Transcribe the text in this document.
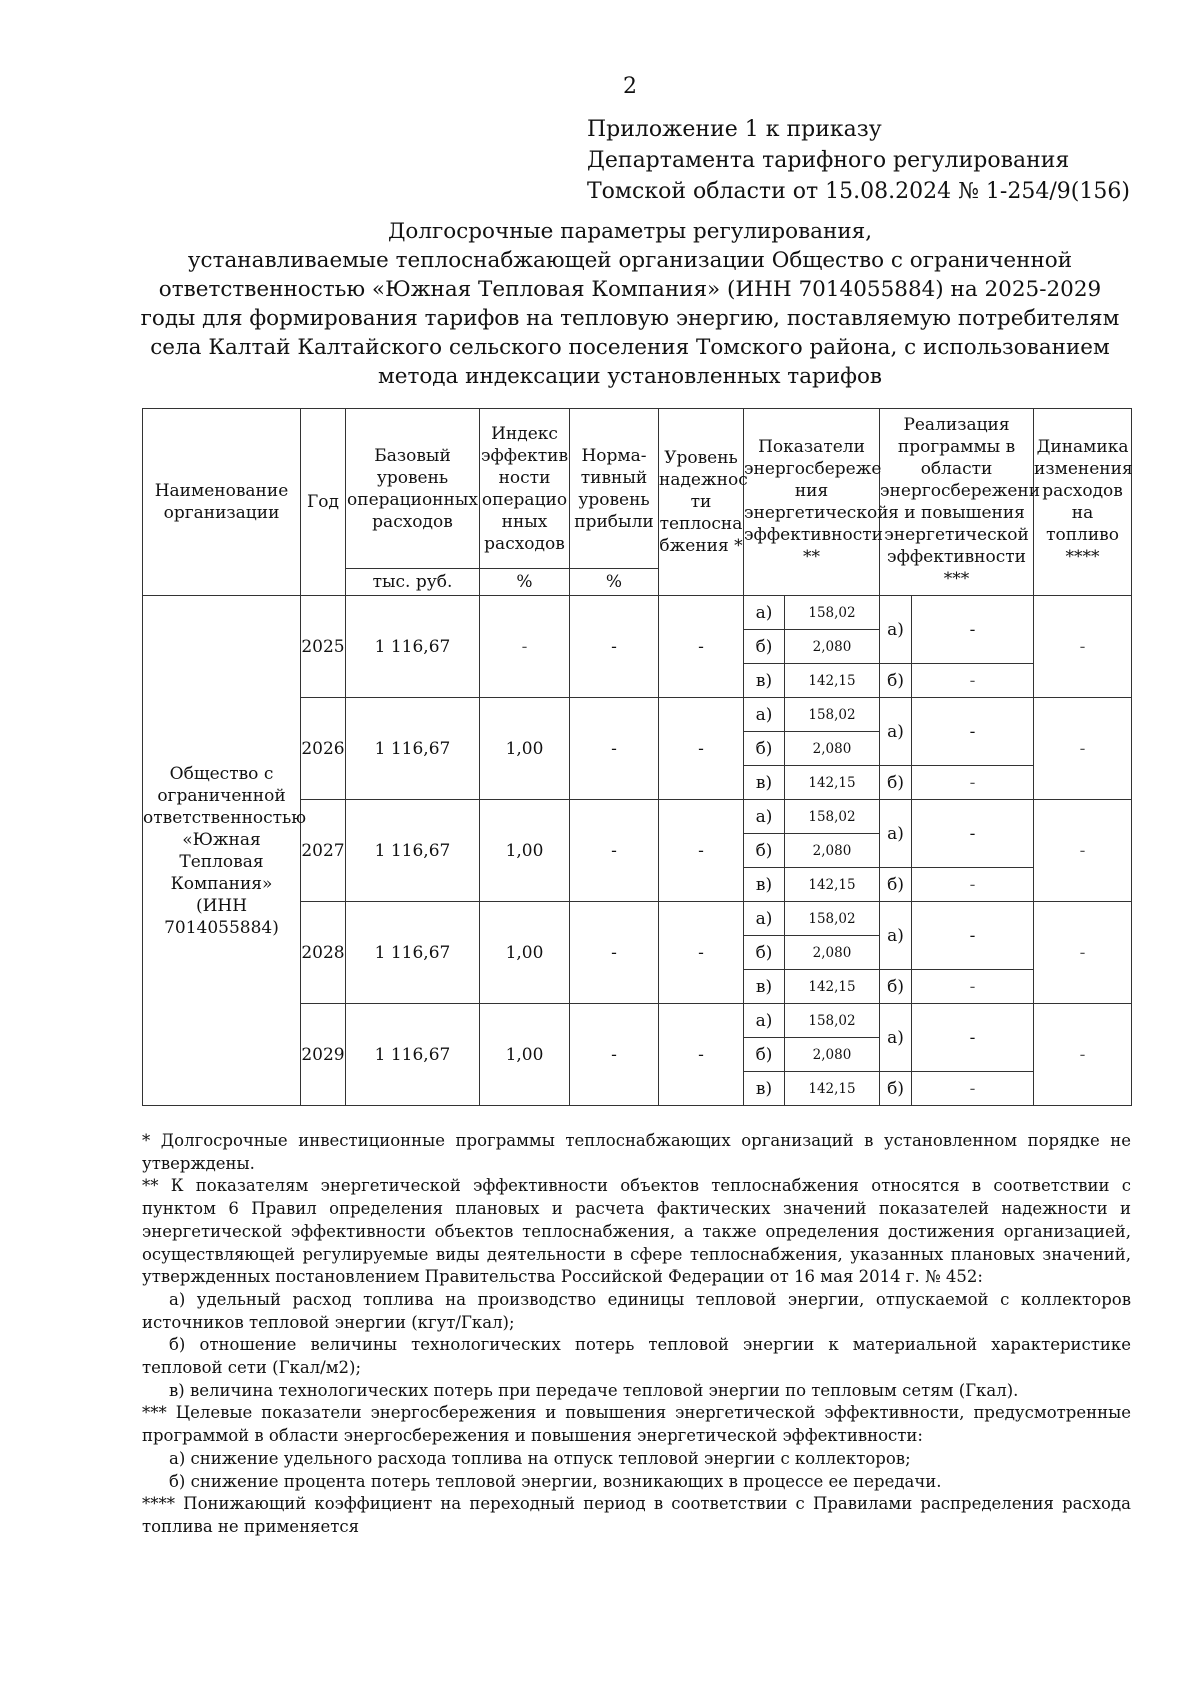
2
Приложение 1 к приказу
Департамента тарифного регулирования
Томской области от 15.08.2024 № 1-254/9(156)
Долгосрочные параметры регулирования,
устанавливаемые теплоснабжающей организации Общество с ограниченной
ответственностью «Южная Тепловая Компания» (ИНН 7014055884) на 2025-2029
годы для формирования тарифов на тепловую энергию, поставляемую потребителям
села Калтай Калтайского сельского поселения Томского района, с использованием
метода индексации установленных тарифов
Наименование организации	Год	Базовый уровень операционных расходов	Индекс эффектив ности операцио нных расходов	Норма- тивный уровень прибыли	Уровень надежнос ти теплосна бжения *	Показатели энергосбереже ния энергетической эффективности **		Реализация программы в области энергосбережени я и повышения энергетической эффективности ***		Динамика изменения расходов на топливо ****
		тыс. руб.	%	%						
Общество с ограниченной ответственностью «Южная Тепловая Компания» (ИНН 7014055884)	2025	1 116,67	-	-	-	а)	158,02	а)	-	-
						б)	2,080			
						в)	142,15	б)	-	
	2026	1 116,67	1,00	-	-	а)	158,02	а)	-	-
						б)	2,080			
						в)	142,15	б)	-	
	2027	1 116,67	1,00	-	-	а)	158,02	а)	-	-
						б)	2,080			
						в)	142,15	б)	-	
	2028	1 116,67	1,00	-	-	а)	158,02	а)	-	-
						б)	2,080			
						в)	142,15	б)	-	
	2029	1 116,67	1,00	-	-	а)	158,02	а)	-	-
						б)	2,080			
						в)	142,15	б)	-	

* Долгосрочные инвестиционные программы теплоснабжающих организаций в установленном порядке не утверждены.

** К показателям энергетической эффективности объектов теплоснабжения относятся в соответствии с пунктом 6 Правил определения плановых и расчета фактических значений показателей надежности и энергетической эффективности объектов теплоснабжения, а также определения достижения организацией, осуществляющей регулируемые виды деятельности в сфере теплоснабжения, указанных плановых значений, утвержденных постановлением Правительства Российской Федерации от 16 мая 2014 г. № 452:

а) удельный расход топлива на производство единицы тепловой энергии, отпускаемой с коллекторов источников тепловой энергии (кгут/Гкал);

б) отношение величины технологических потерь тепловой энергии к материальной характеристике тепловой сети (Гкал/м2);

в) величина технологических потерь при передаче тепловой энергии по тепловым сетям (Гкал).

*** Целевые показатели энергосбережения и повышения энергетической эффективности, предусмотренные программой в области энергосбережения и повышения энергетической эффективности:

а) снижение удельного расхода топлива на отпуск тепловой энергии с коллекторов;

б) снижение процента потерь тепловой энергии, возникающих в процессе ее передачи.

**** Понижающий коэффициент на переходный период в соответствии с Правилами распределения расхода топлива не применяется
